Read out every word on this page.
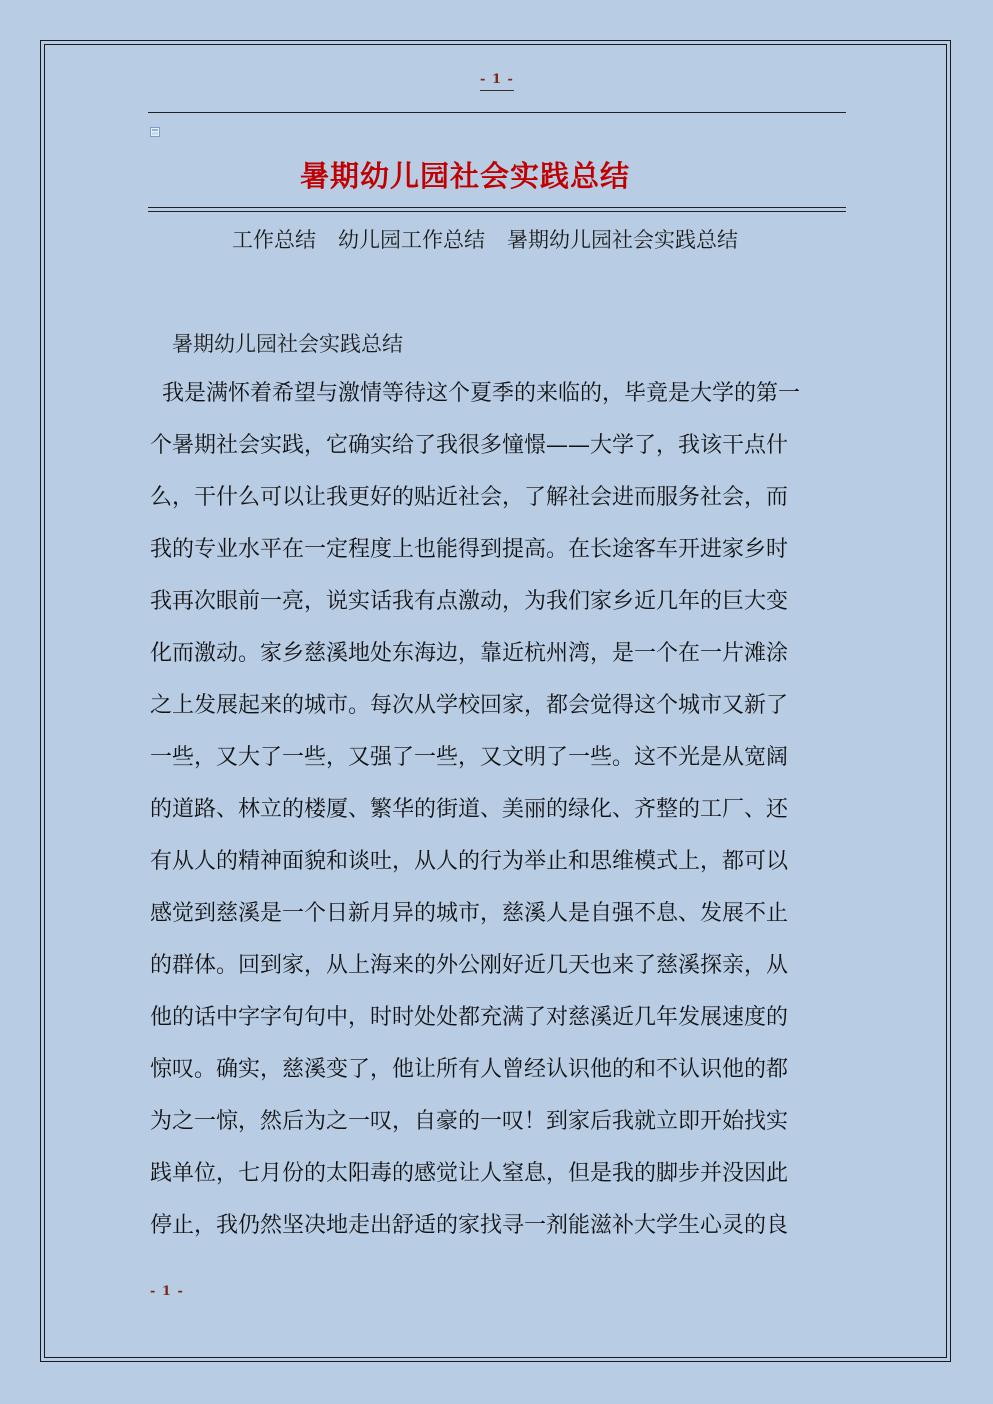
- 1 -
暑期幼儿园社会实践总结
工作总结 幼儿园工作总结 暑期幼儿园社会实践总结
暑期幼儿园社会实践总结
我是满怀着希望与激情等待这个夏季的来临的，毕竟是大学的第一
个暑期社会实践，它确实给了我很多憧憬——大学了，我该干点什
么，干什么可以让我更好的贴近社会，了解社会进而服务社会，而
我的专业水平在一定程度上也能得到提高。在长途客车开进家乡时
我再次眼前一亮，说实话我有点激动，为我们家乡近几年的巨大变
化而激动。家乡慈溪地处东海边，靠近杭州湾，是一个在一片滩涂
之上发展起来的城市。每次从学校回家，都会觉得这个城市又新了
一些，又大了一些，又强了一些，又文明了一些。这不光是从宽阔
的道路、林立的楼厦、繁华的街道、美丽的绿化、齐整的工厂、还
有从人的精神面貌和谈吐，从人的行为举止和思维模式上，都可以
感觉到慈溪是一个日新月异的城市，慈溪人是自强不息、发展不止
的群体。回到家，从上海来的外公刚好近几天也来了慈溪探亲，从
他的话中字字句句中，时时处处都充满了对慈溪近几年发展速度的
惊叹。确实，慈溪变了，他让所有人曾经认识他的和不认识他的都
为之一惊，然后为之一叹，自豪的一叹！到家后我就立即开始找实
践单位，七月份的太阳毒的感觉让人窒息，但是我的脚步并没因此
停止，我仍然坚决地走出舒适的家找寻一剂能滋补大学生心灵的良
- 1 -
